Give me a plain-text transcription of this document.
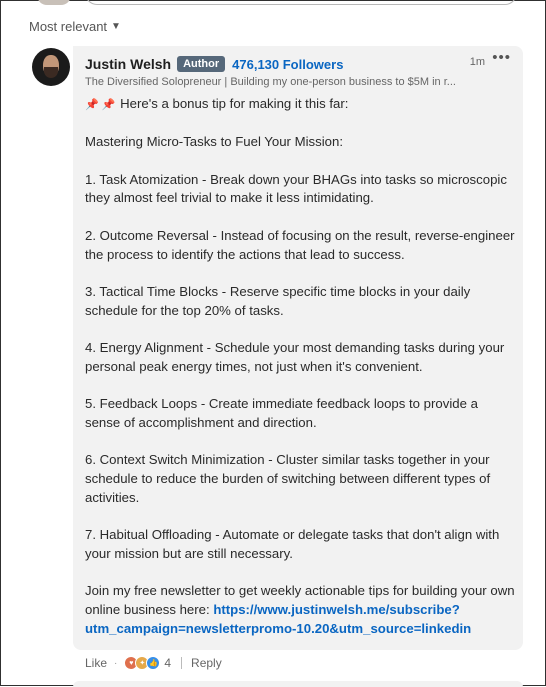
Most relevant ▼
Justin Welsh	Author	476,130 Followers
The Diversified Solopreneur | Building my one-person business to $5M in r...
1m •••

📌 📌 Here's a bonus tip for making it this far:

Mastering Micro-Tasks to Fuel Your Mission:

1. Task Atomization - Break down your BHAGs into tasks so microscopic they almost feel trivial to make it less intimidating.

2. Outcome Reversal - Instead of focusing on the result, reverse-engineer the process to identify the actions that lead to success.

3. Tactical Time Blocks - Reserve specific time blocks in your daily schedule for the top 20% of tasks.

4. Energy Alignment - Schedule your most demanding tasks during your personal peak energy times, not just when it's convenient.

5. Feedback Loops - Create immediate feedback loops to provide a sense of accomplishment and direction.

6. Context Switch Minimization - Cluster similar tasks together in your schedule to reduce the burden of switching between different types of activities.

7. Habitual Offloading - Automate or delegate tasks that don't align with your mission but are still necessary.

Join my free newsletter to get weekly actionable tips for building your own online business here: https://www.justinwelsh.me/subscribe?utm_campaign=newsletterpromo-10.20&utm_source=linkedin

Like ·	♥ ✦ 👍 4 Reply
